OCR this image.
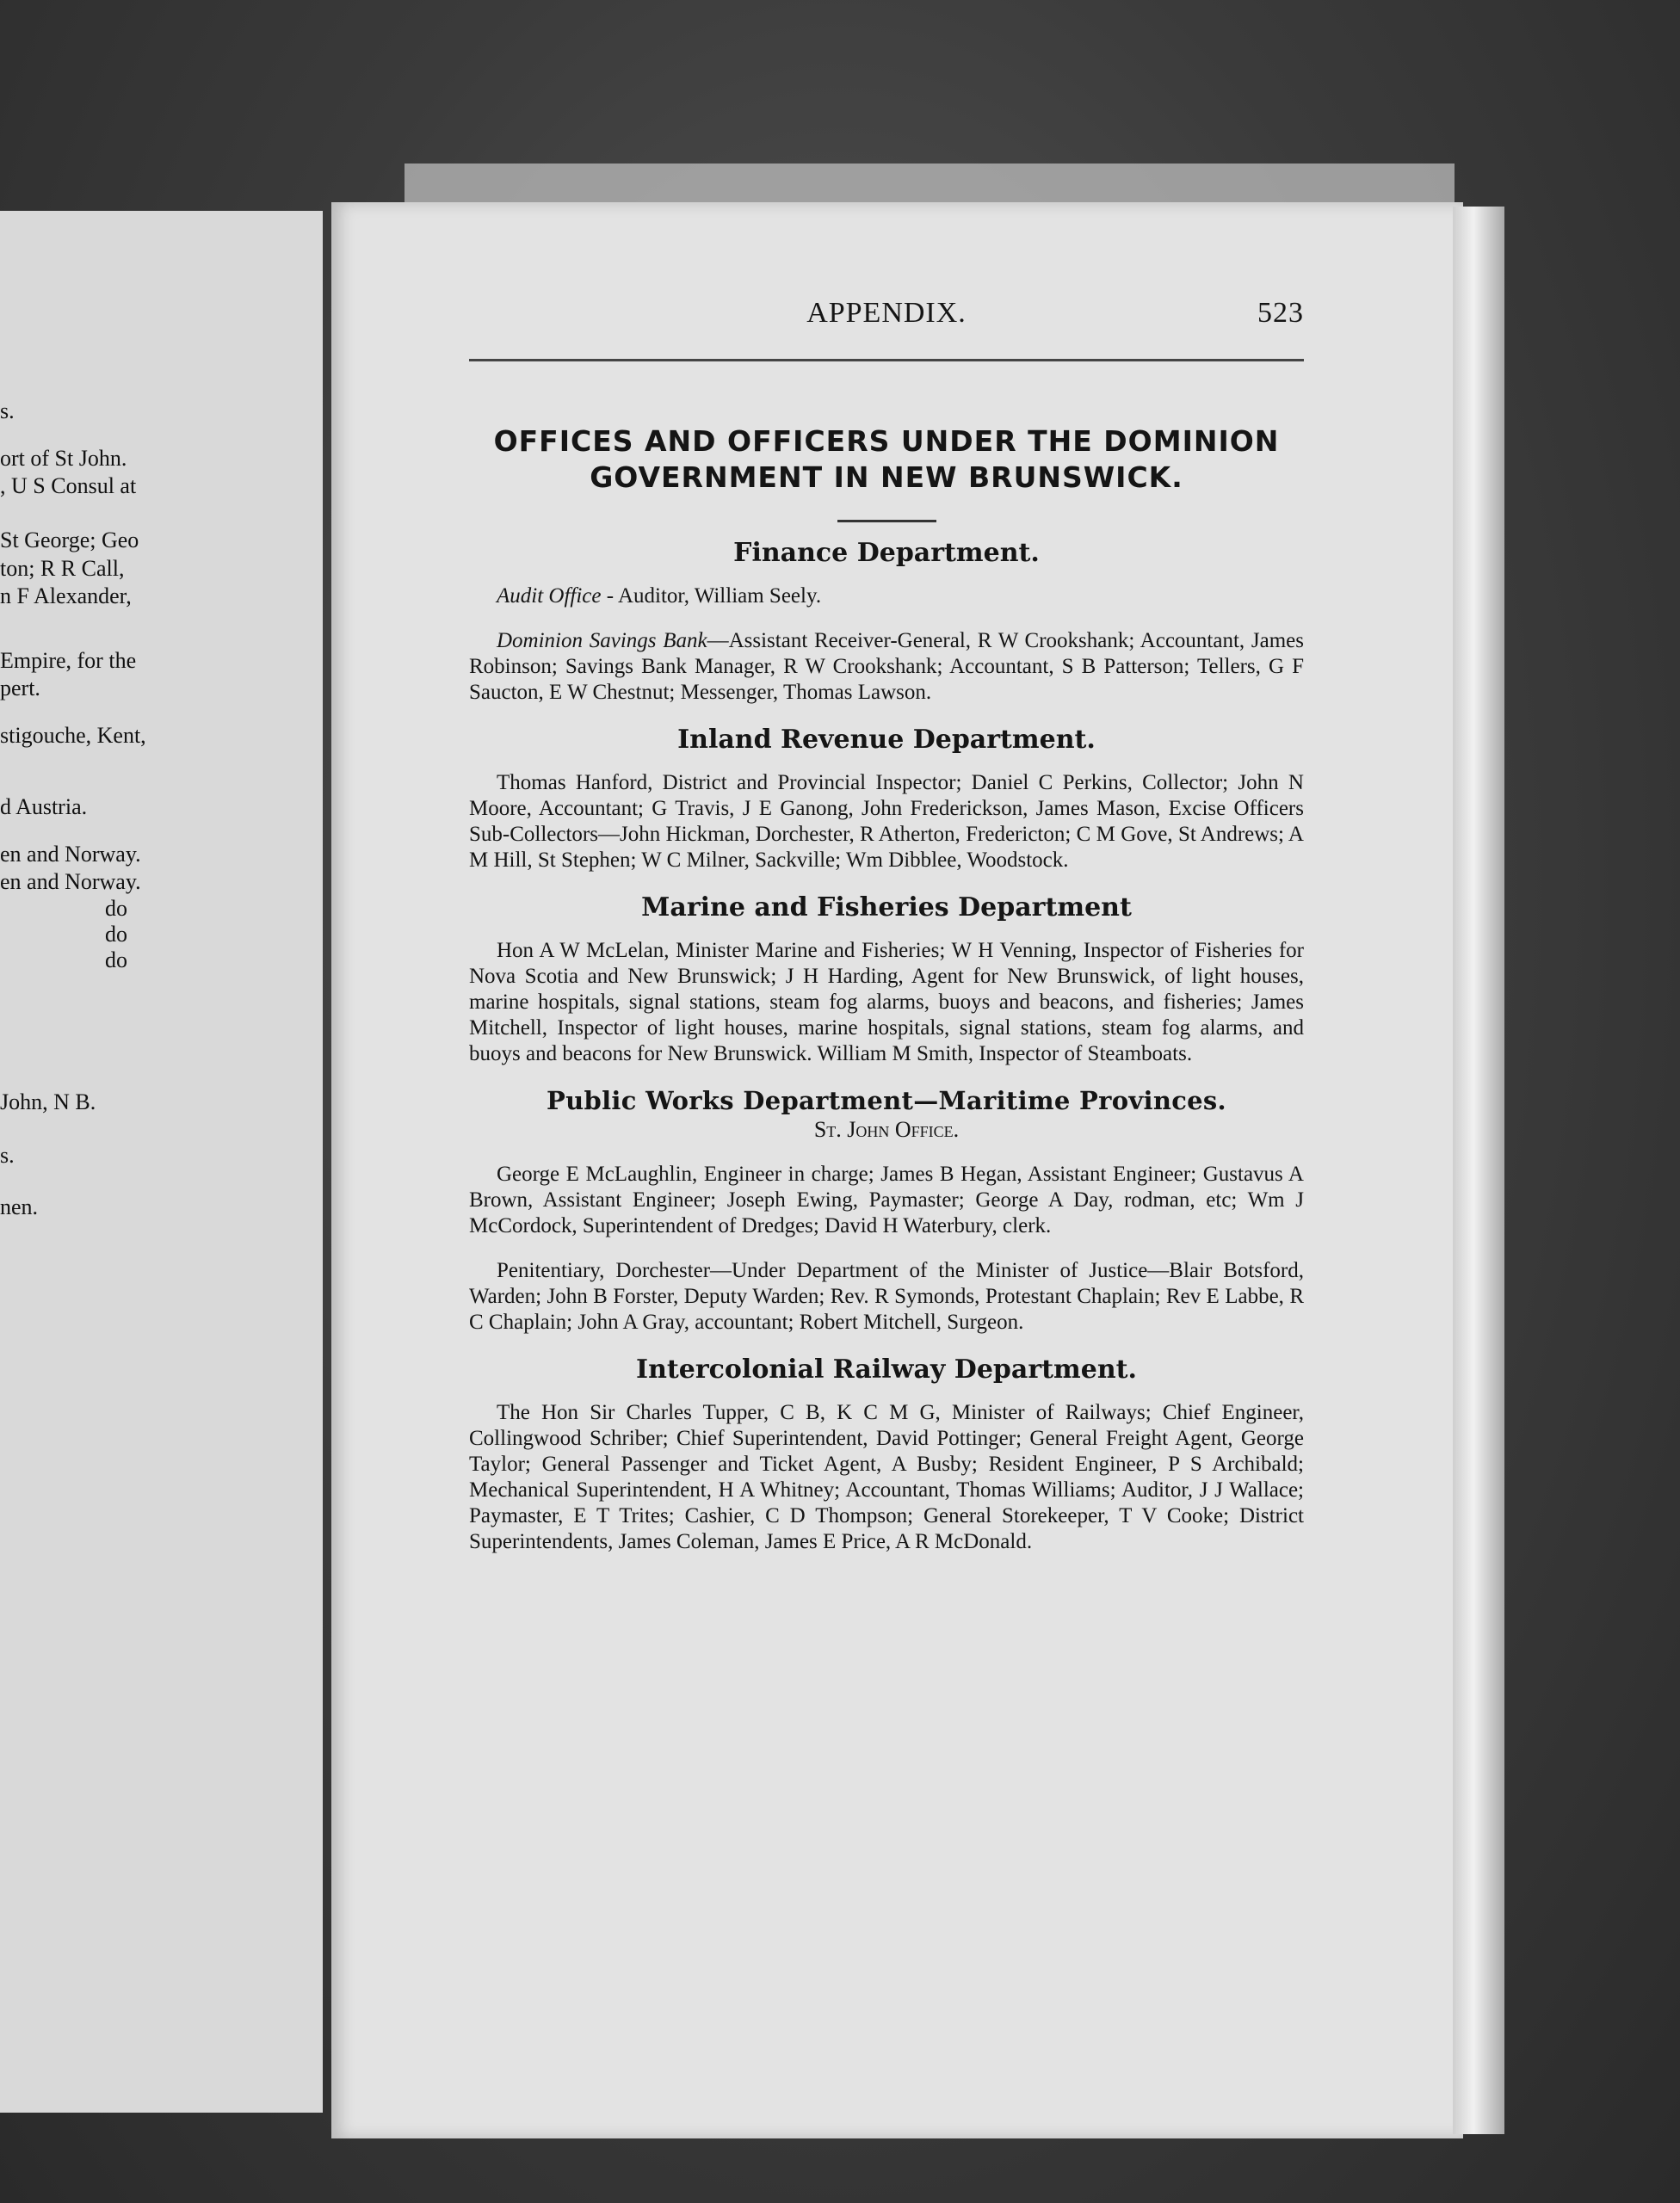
s.
ort of St John.
, U S Consul at
St George; Geo
ton; R R Call,
n F Alexander,
Empire, for the
pert.
stigouche, Kent,
d Austria.
en and Norway.
en and Norway.
do
do
do
John, N B.
s.
nen.
APPENDIX.	523
OFFICES AND OFFICERS UNDER THE DOMINION
GOVERNMENT IN NEW BRUNSWICK.
Finance Department.

Audit Office - Auditor, William Seely.

Dominion Savings Bank—Assistant Receiver-General, R W Crookshank; Accountant, James Robinson; Savings Bank Manager, R W Crookshank; Accountant, S B Patterson; Tellers, G F Saucton, E W Chestnut; Messenger, Thomas Lawson.

Inland Revenue Department.

Thomas Hanford, District and Provincial Inspector; Daniel C Perkins, Collector; John N Moore, Accountant; G Travis, J E Ganong, John Frederickson, James Mason, Excise Officers Sub-Collectors—John Hickman, Dorchester, R Atherton, Fredericton; C M Gove, St Andrews; A M Hill, St Stephen; W C Milner, Sackville; Wm Dibblee, Woodstock.

Marine and Fisheries Department

Hon A W McLelan, Minister Marine and Fisheries; W H Venning, Inspector of Fisheries for Nova Scotia and New Brunswick; J H Harding, Agent for New Brunswick, of light houses, marine hospitals, signal stations, steam fog alarms, buoys and beacons, and fisheries; James Mitchell, Inspector of light houses, marine hospitals, signal stations, steam fog alarms, and buoys and beacons for New Brunswick. William M Smith, Inspector of Steamboats.

Public Works Department—Maritime Provinces.
St. John Office.

George E McLaughlin, Engineer in charge; James B Hegan, Assistant Engineer; Gustavus A Brown, Assistant Engineer; Joseph Ewing, Paymaster; George A Day, rodman, etc; Wm J McCordock, Superintendent of Dredges; David H Waterbury, clerk.

Penitentiary, Dorchester—Under Department of the Minister of Justice—Blair Botsford, Warden; John B Forster, Deputy Warden; Rev. R Symonds, Protestant Chaplain; Rev E Labbe, R C Chaplain; John A Gray, accountant; Robert Mitchell, Surgeon.

Intercolonial Railway Department.

The Hon Sir Charles Tupper, C B, K C M G, Minister of Railways; Chief Engineer, Collingwood Schriber; Chief Superintendent, David Pottinger; General Freight Agent, George Taylor; General Passenger and Ticket Agent, A Busby; Resident Engineer, P S Archibald; Mechanical Superintendent, H A Whitney; Accountant, Thomas Williams; Auditor, J J Wallace; Paymaster, E T Trites; Cashier, C D Thompson; General Storekeeper, T V Cooke; District Superintendents, James Coleman, James E Price, A R McDonald.
